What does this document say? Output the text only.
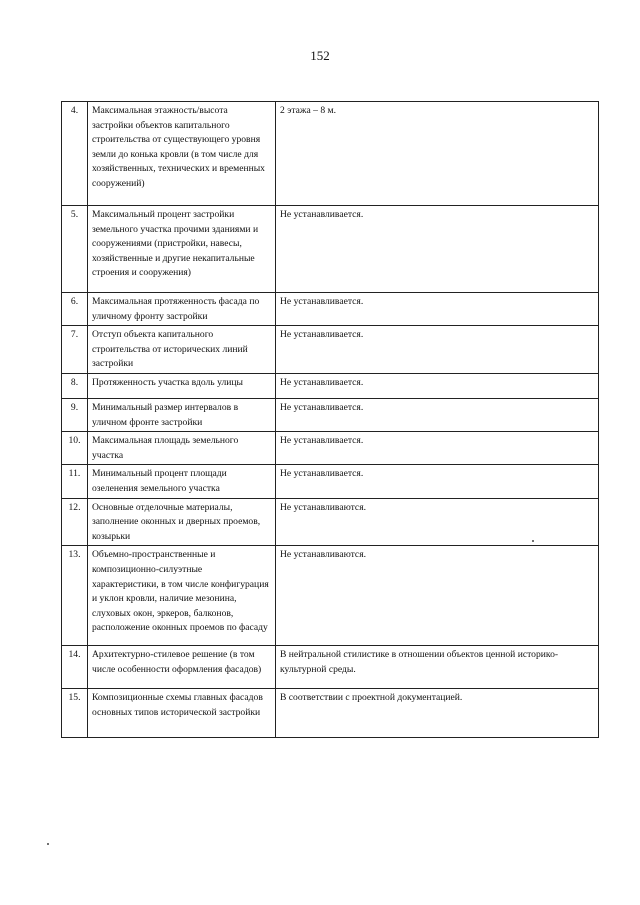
152
4.	Максимальная этажность/высота застройки объектов капитального строительства от существующего уровня земли до конька кровли (в том числе для хозяйственных, технических и временных сооружений)	2 этажа – 8 м.
5.	Максимальный процент застройки земельного участка прочими зданиями и сооружениями (пристройки, навесы, хозяйственные и другие некапитальные строения и сооружения)	Не устанавливается.
6.	Максимальная протяженность фасада по уличному фронту застройки	Не устанавливается.
7.	Отступ объекта капитального строительства от исторических линий застройки	Не устанавливается.
8.	Протяженность участка вдоль улицы	Не устанавливается.
9.	Минимальный размер интервалов в уличном фронте застройки	Не устанавливается.
10.	Максимальная площадь земельного участка	Не устанавливается.
11.	Минимальный процент площади озеленения земельного участка	Не устанавливается.
12.	Основные отделочные материалы, заполнение оконных и дверных проемов, козырьки	Не устанавливаются.
13.	Объемно-пространственные и композиционно-силуэтные характеристики, в том числе конфигурация и уклон кровли, наличие мезонина, слуховых окон, эркеров, балконов, расположение оконных проемов по фасаду	Не устанавливаются.
14.	Архитектурно-стилевое решение (в том числе особенности оформления фасадов)	В нейтральной стилистике в отношении объектов ценной историко-культурной среды.
15.	Композиционные схемы главных фасадов основных типов исторической застройки	В соответствии с проектной документацией.
